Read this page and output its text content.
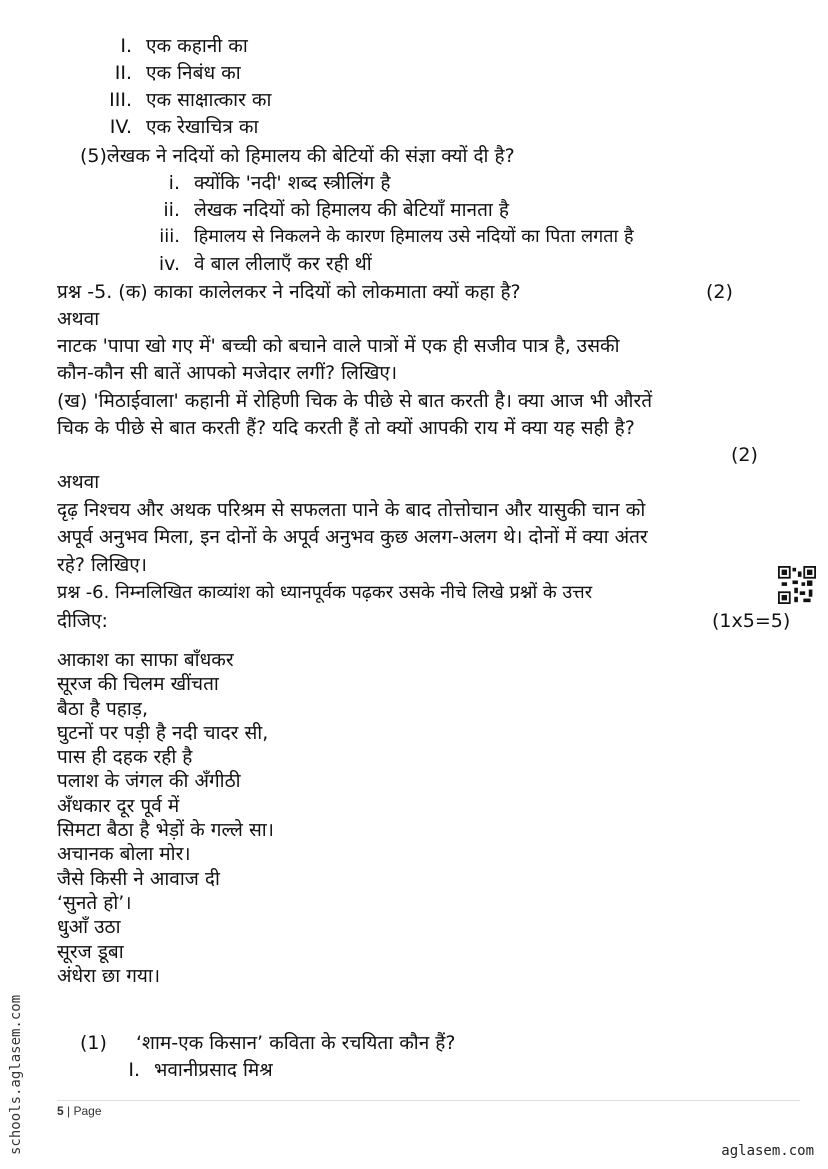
I. एक कहानी का
II. एक निबंध का
III. एक साक्षात्कार का
IV. एक रेखाचित्र का
(5)लेखक ने नदियों को हिमालय की बेटियों की संज्ञा क्यों दी है?
i. क्योंकि 'नदी' शब्द स्त्रीलिंग है
ii. लेखक नदियों को हिमालय की बेटियाँ मानता है
iii. हिमालय से निकलने के कारण हिमालय उसे नदियों का पिता लगता है
iv. वे बाल लीलाएँ कर रही थीं
प्रश्न -5. (क) काका कालेलकर ने नदियों को लोकमाता क्यों कहा है?	(2)
अथवा
नाटक 'पापा खो गए में' बच्ची को बचाने वाले पात्रों में एक ही सजीव पात्र है, उसकी
कौन-कौन सी बातें आपको मजेदार लगीं? लिखिए।
(ख) 'मिठाईवाला' कहानी में रोहिणी चिक के पीछे से बात करती है। क्या आज भी औरतें
चिक के पीछे से बात करती हैं? यदि करती हैं तो क्यों आपकी राय में क्या यह सही है?
(2)
अथवा
दृढ़ निश्चय और अथक परिश्रम से सफलता पाने के बाद तोत्तोचान और यासुकी चान को
अपूर्व अनुभव मिला, इन दोनों के अपूर्व अनुभव कुछ अलग-अलग थे। दोनों में क्या अंतर
रहे? लिखिए।
प्रश्न -6. निम्नलिखित काव्यांश को ध्यानपूर्वक पढ़कर उसके नीचे लिखे प्रश्नों के उत्तर
दीजिए:	(1x5=5)
आकाश का साफा बाँधकर
सूरज की चिलम खींचता
बैठा है पहाड़,
घुटनों पर पड़ी है नदी चादर सी,
पास ही दहक रही है
पलाश के जंगल की अँगीठी
अँधकार दूर पूर्व में
सिमटा बैठा है भेड़ों के गल्ले सा।
अचानक बोला मोर।
जैसे किसी ने आवाज दी
‘सुनते हो’।
धुआँ उठा
सूरज डूबा
अंधेरा छा गया।
(1) ‘शाम-एक किसान’ कविता के रचयिता कौन हैं?
I. भवानीप्रसाद मिश्र
5 | Page
schools.aglasem.com	aglasem.com
